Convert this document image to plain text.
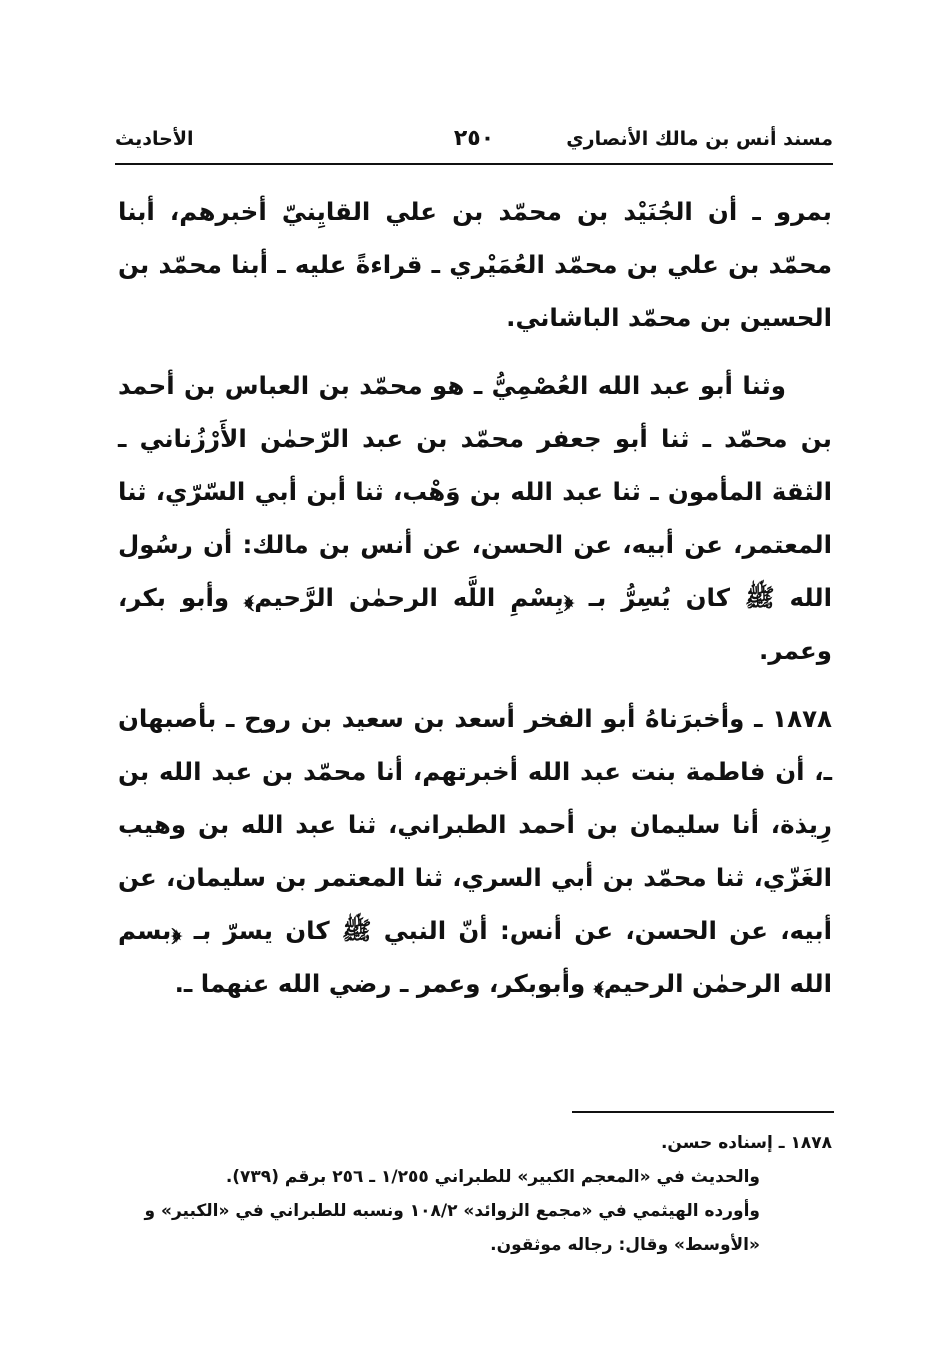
مسند أنس بن مالك الأنصاري
٢٥٠
الأحاديث

بمرو ـ أن الجُنَيْد بن محمّد بن علي القايِنيّ أخبرهم، أبنا محمّد بن علي بن محمّد العُمَيْري ـ قراءةً عليه ـ أبنا محمّد بن الحسين بن محمّد الباشاني.

وثنا أبو عبد الله العُصْمِيُّ ـ هو محمّد بن العباس بن أحمد بن محمّد ـ ثنا أبو جعفر محمّد بن عبد الرّحمٰن الأَرْزُناني ـ الثقة المأمون ـ ثنا عبد الله بن وَهْب، ثنا أبن أبي السّرّي، ثنا المعتمر، عن أبيه، عن الحسن، عن أنس بن مالك: أن رسُول الله ﷺ كان يُسِرُّ بـ ﴿بِسْمِ اللَّه الرحمٰن الرَّحيم﴾ وأبو بكر، وعمر.

١٨٧٨ ـ وأخبرَناهُ أبو الفخر أسعد بن سعيد بن روح ـ بأصبهان ـ، أن فاطمة بنت عبد الله أخبرتهم، أنا محمّد بن عبد الله بن رِيذة، أنا سليمان بن أحمد الطبراني، ثنا عبد الله بن وهيب الغَزّي، ثنا محمّد بن أبي السري، ثنا المعتمر بن سليمان، عن أبيه، عن الحسن، عن أنس: أنّ النبي ﷺ كان يسرّ بـ ﴿بسم الله الرحمٰن الرحيم﴾ وأبوبكر، وعمر ـ رضي الله عنهما ـ.

١٨٧٨ ـ إسناده حسن.

والحديث في «المعجم الكبير» للطبراني ١/٢٥٥ ـ ٢٥٦ برقم (٧٣٩).

وأورده الهيثمي في «مجمع الزوائد» ١٠٨/٢ ونسبه للطبراني في «الكبير» و «الأوسط» وقال: رجاله موثقون.
